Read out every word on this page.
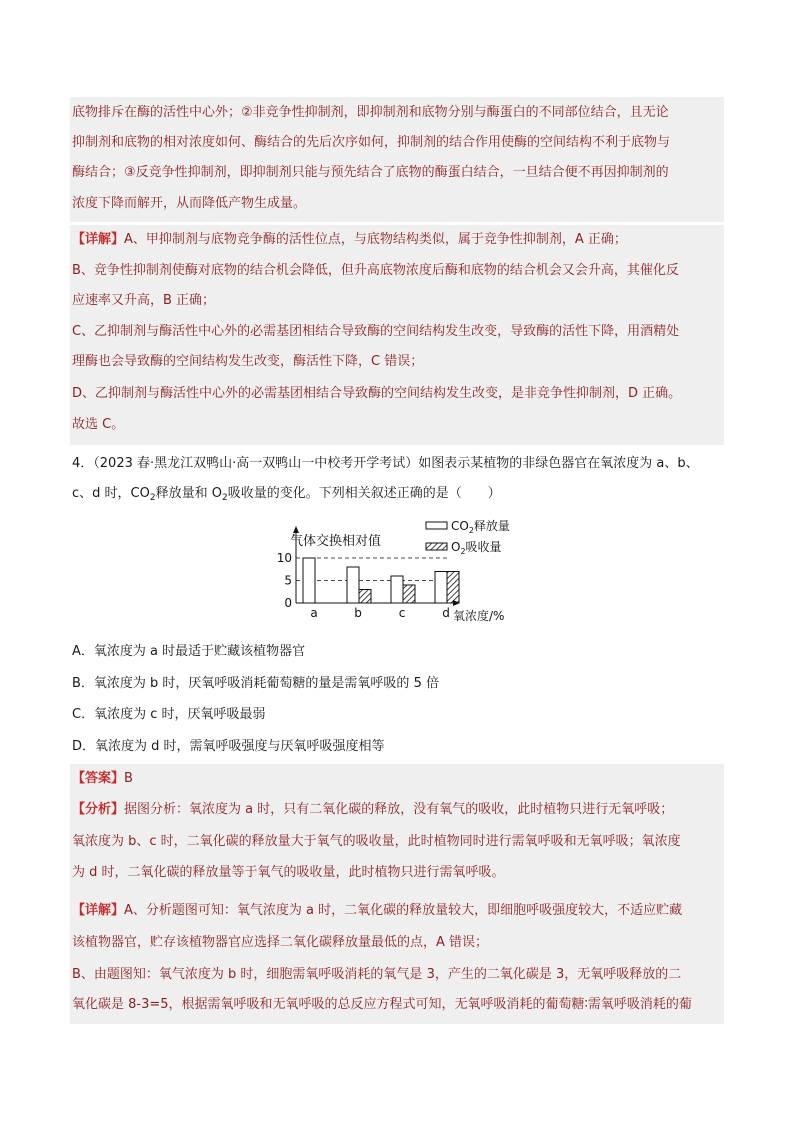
底物排斥在酶的活性中心外；②非竞争性抑制剂，即抑制剂和底物分别与酶蛋白的不同部位结合，且无论
抑制剂和底物的相对浓度如何、酶结合的先后次序如何，抑制剂的结合作用使酶的空间结构不利于底物与
酶结合；③反竞争性抑制剂，即抑制剂只能与预先结合了底物的酶蛋白结合，一旦结合便不再因抑制剂的
浓度下降而解开，从而降低产物生成量。
【详解】A、甲抑制剂与底物竞争酶的活性位点，与底物结构类似，属于竞争性抑制剂，A 正确；
B、竞争性抑制剂使酶对底物的结合机会降低，但升高底物浓度后酶和底物的结合机会又会升高，其催化反
应速率又升高，B 正确；
C、乙抑制剂与酶活性中心外的必需基团相结合导致酶的空间结构发生改变，导致酶的活性下降，用酒精处
理酶也会导致酶的空间结构发生改变，酶活性下降，C 错误；
D、乙抑制剂与酶活性中心外的必需基团相结合导致酶的空间结构发生改变，是非竞争性抑制剂，D 正确。
故选 C。
4．（2023 春·黑龙江双鸭山·高一双鸭山一中校考开学考试）如图表示某植物的非绿色器官在氧浓度为 a、b、
c、d 时，$CO_2$释放量和 $O_2$吸收量的变化。下列相关叙述正确的是（　　）
气体交换相对值
氧浓度/%
$CO_2$释放量
$O_2$吸收量
0
5
10
a	b	c	d
A．氧浓度为 a 时最适于贮藏该植物器官
B．氧浓度为 b 时，厌氧呼吸消耗葡萄糖的量是需氧呼吸的 5 倍
C．氧浓度为 c 时，厌氧呼吸最弱
D．氧浓度为 d 时，需氧呼吸强度与厌氧呼吸强度相等
【答案】B
【分析】据图分析：氧浓度为 a 时，只有二氧化碳的释放，没有氧气的吸收，此时植物只进行无氧呼吸；
氧浓度为 b、c 时，二氧化碳的释放量大于氧气的吸收量，此时植物同时进行需氧呼吸和无氧呼吸；氧浓度
为 d 时，二氧化碳的释放量等于氧气的吸收量，此时植物只进行需氧呼吸。
【详解】A、分析题图可知：氧气浓度为 a 时，二氧化碳的释放量较大，即细胞呼吸强度较大，不适应贮藏
该植物器官，贮存该植物器官应选择二氧化碳释放量最低的点，A 错误；
B、由题图知：氧气浓度为 b 时，细胞需氧呼吸消耗的氧气是 3，产生的二氧化碳是 3，无氧呼吸释放的二
氧化碳是 8-3=5，根据需氧呼吸和无氧呼吸的总反应方程式可知，无氧呼吸消耗的葡萄糖∶需氧呼吸消耗的葡
